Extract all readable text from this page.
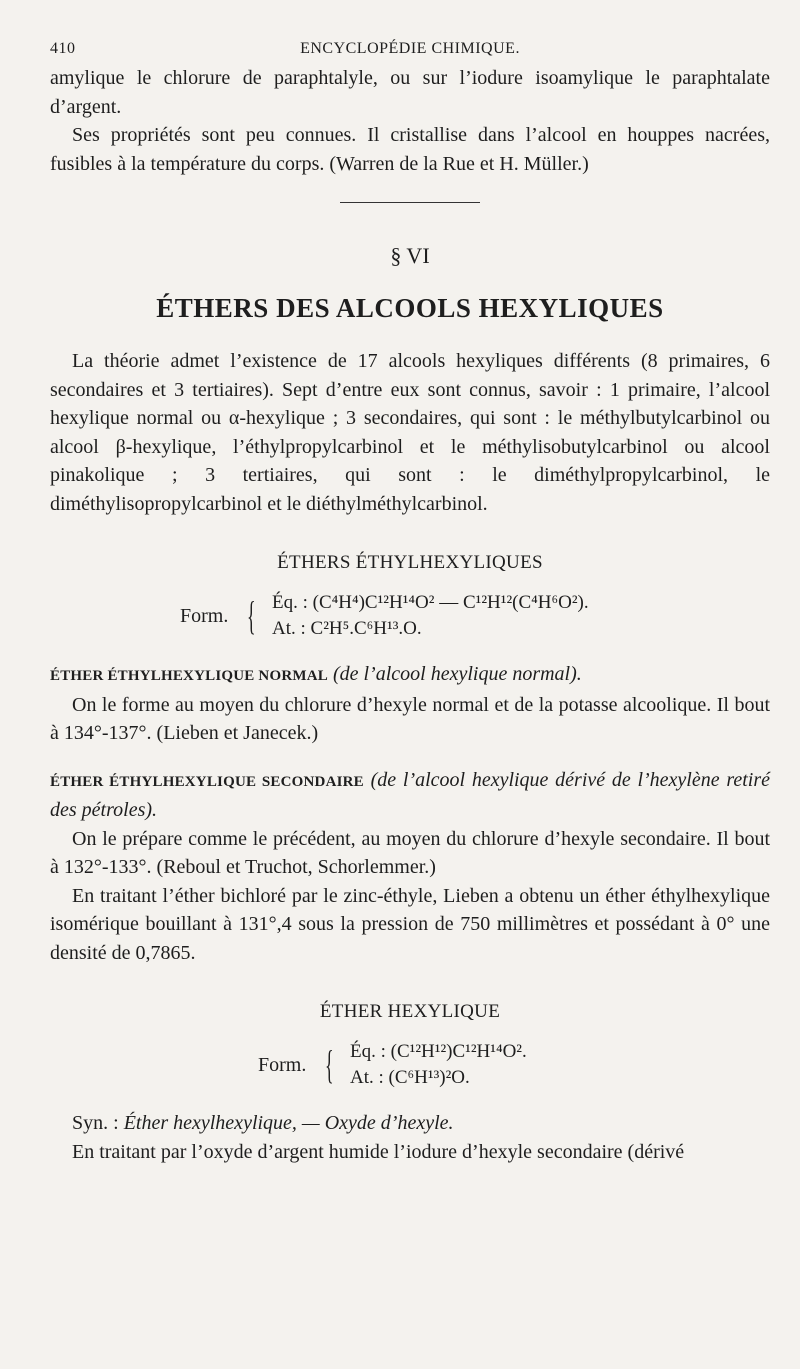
410	ENCYCLOPÉDIE CHIMIQUE.

amylique le chlorure de paraphtalyle, ou sur l’iodure isoamylique le paraphtalate d’argent.

Ses propriétés sont peu connues. Il cristallise dans l’alcool en houppes nacrées, fusibles à la température du corps. (Warren de la Rue et H. Müller.)

§ VI
ÉTHERS DES ALCOOLS HEXYLIQUES

La théorie admet l’existence de 17 alcools hexyliques différents (8 primaires, 6 secondaires et 3 tertiaires). Sept d’entre eux sont connus, savoir : 1 primaire, l’alcool hexylique normal ou α-hexylique ; 3 secondaires, qui sont : le méthylbutylcarbinol ou alcool β-hexylique, l’éthylpropylcarbinol et le méthylisobutylcarbinol ou alcool pinakolique ; 3 tertiaires, qui sont : le diméthylpropylcarbinol, le diméthylisopropylcarbinol et le diéthylméthylcarbinol.

ÉTHERS ÉTHYLHEXYLIQUES
Form. { Éq. : (C⁴H⁴)C¹²H¹⁴O² — C¹²H¹²(C⁴H⁶O²).
At. : C²H⁵.C⁶H¹³.O.

ÉTHER ÉTHYLHEXYLIQUE NORMAL (de l’alcool hexylique normal).

On le forme au moyen du chlorure d’hexyle normal et de la potasse alcoolique. Il bout à 134°-137°. (Lieben et Janecek.)

ÉTHER ÉTHYLHEXYLIQUE SECONDAIRE (de l’alcool hexylique dérivé de l’hexylène retiré des pétroles).

On le prépare comme le précédent, au moyen du chlorure d’hexyle secondaire. Il bout à 132°-133°. (Reboul et Truchot, Schorlemmer.)

En traitant l’éther bichloré par le zinc-éthyle, Lieben a obtenu un éther éthylhexylique isomérique bouillant à 131°,4 sous la pression de 750 millimètres et possédant à 0° une densité de 0,7865.

ÉTHER HEXYLIQUE
Form. { Éq. : (C¹²H¹²)C¹²H¹⁴O².
At. : (C⁶H¹³)²O.

Syn. : Éther hexylhexylique, — Oxyde d’hexyle.

En traitant par l’oxyde d’argent humide l’iodure d’hexyle secondaire (dérivé
